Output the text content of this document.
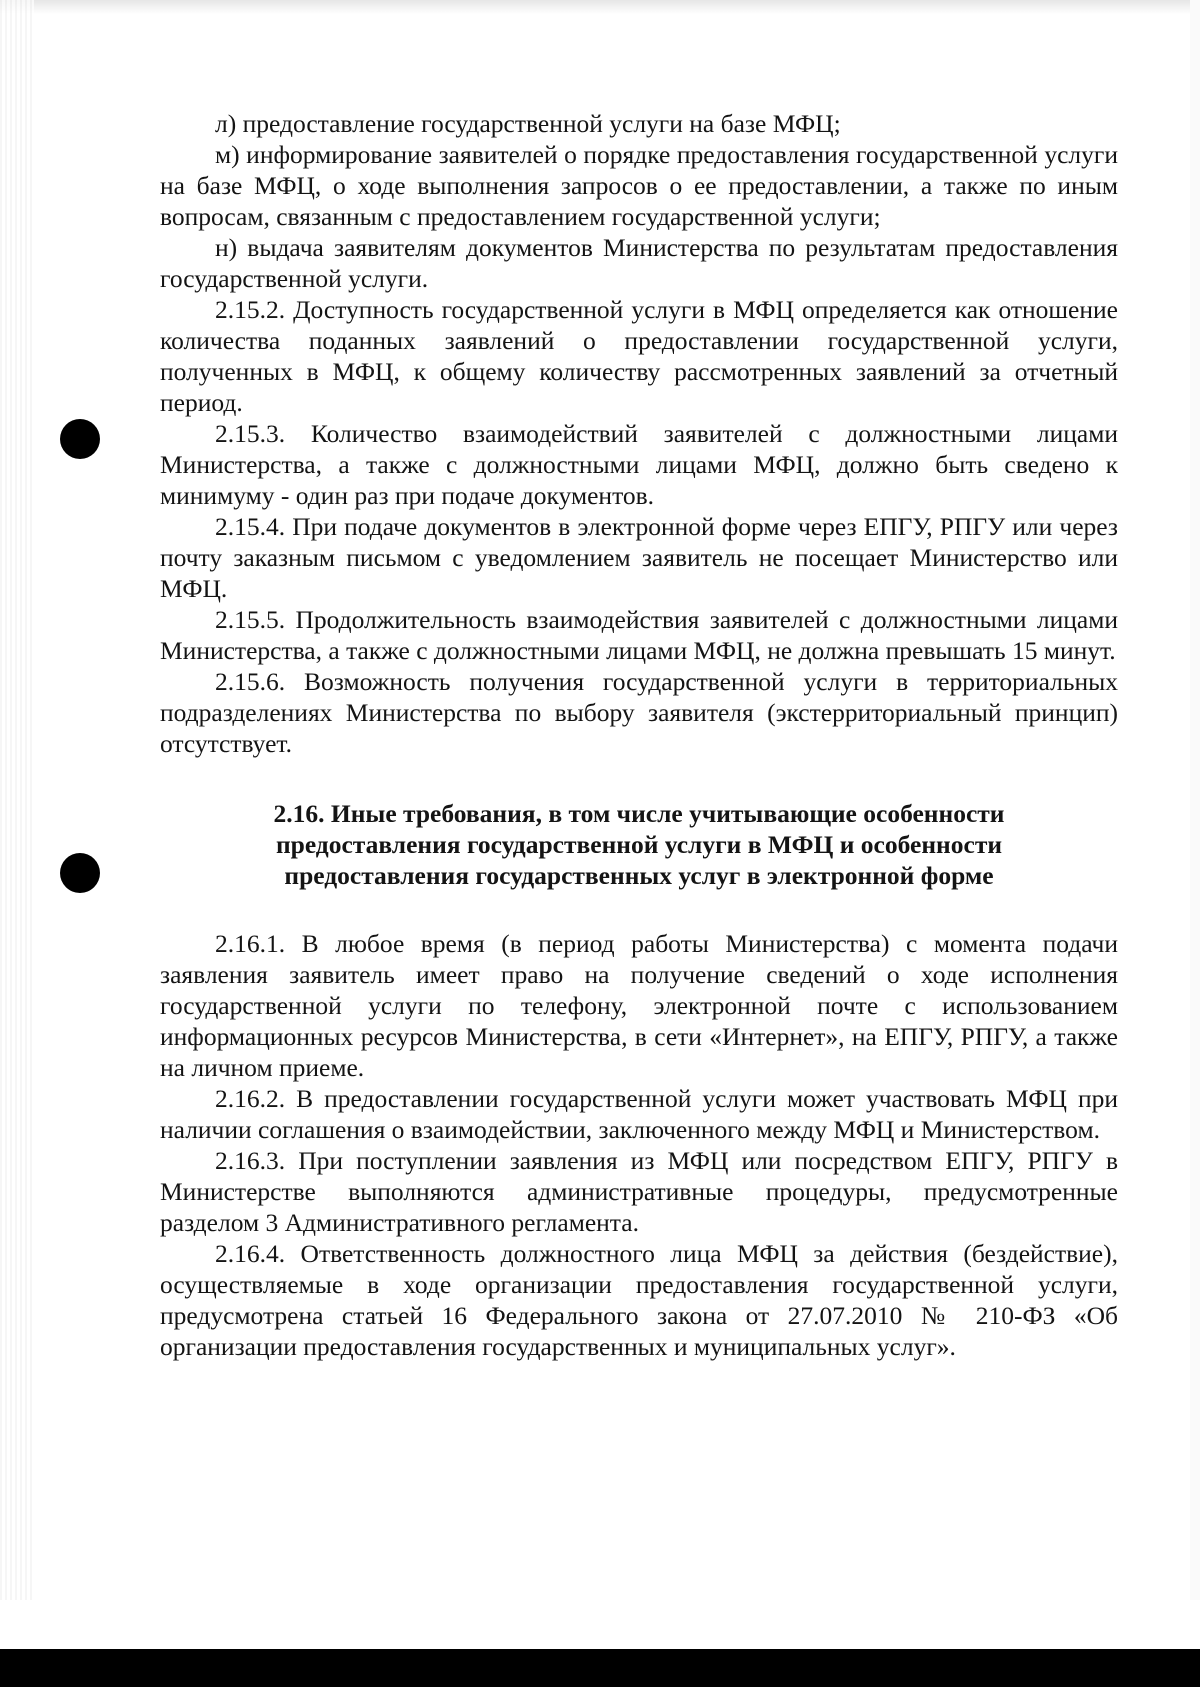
л) предоставление государственной услуги на базе МФЦ;

м) информирование заявителей о порядке предоставления государственной услуги на базе МФЦ, о ходе выполнения запросов о ее предоставлении, а также по иным вопросам, связанным с предоставлением государственной услуги;

н) выдача заявителям документов Министерства по результатам предоставления государственной услуги.

2.15.2. Доступность государственной услуги в МФЦ определяется как отношение количества поданных заявлений о предоставлении государственной услуги, полученных в МФЦ, к общему количеству рассмотренных заявлений за отчетный период.

2.15.3. Количество взаимодействий заявителей с должностными лицами Министерства, а также с должностными лицами МФЦ, должно быть сведено к минимуму - один раз при подаче документов.

2.15.4. При подаче документов в электронной форме через ЕПГУ, РПГУ или через почту заказным письмом с уведомлением заявитель не посещает Министерство или МФЦ.

2.15.5. Продолжительность взаимодействия заявителей с должностными лицами Министерства, а также с должностными лицами МФЦ, не должна превышать 15 минут.

2.15.6. Возможность получения государственной услуги в территориальных подразделениях Министерства по выбору заявителя (экстерриториальный принцип) отсутствует.

2.16. Иные требования, в том числе учитывающие особенности
предоставления государственной услуги в МФЦ и особенности
предоставления государственных услуг в электронной форме

2.16.1. В любое время (в период работы Министерства) с момента подачи заявления заявитель имеет право на получение сведений о ходе исполнения государственной услуги по телефону, электронной почте с использованием информационных ресурсов Министерства, в сети «Интернет», на ЕПГУ, РПГУ, а также на личном приеме.

2.16.2. В предоставлении государственной услуги может участвовать МФЦ при наличии соглашения о взаимодействии, заключенного между МФЦ и Министерством.

2.16.3. При поступлении заявления из МФЦ или посредством ЕПГУ, РПГУ в Министерстве выполняются административные процедуры, предусмотренные разделом 3 Административного регламента.

2.16.4. Ответственность должностного лица МФЦ за действия (бездействие), осуществляемые в ходе организации предоставления государственной услуги, предусмотрена статьей 16 Федерального закона от 27.07.2010 № 210-ФЗ «Об организации предоставления государственных и муниципальных услуг».
